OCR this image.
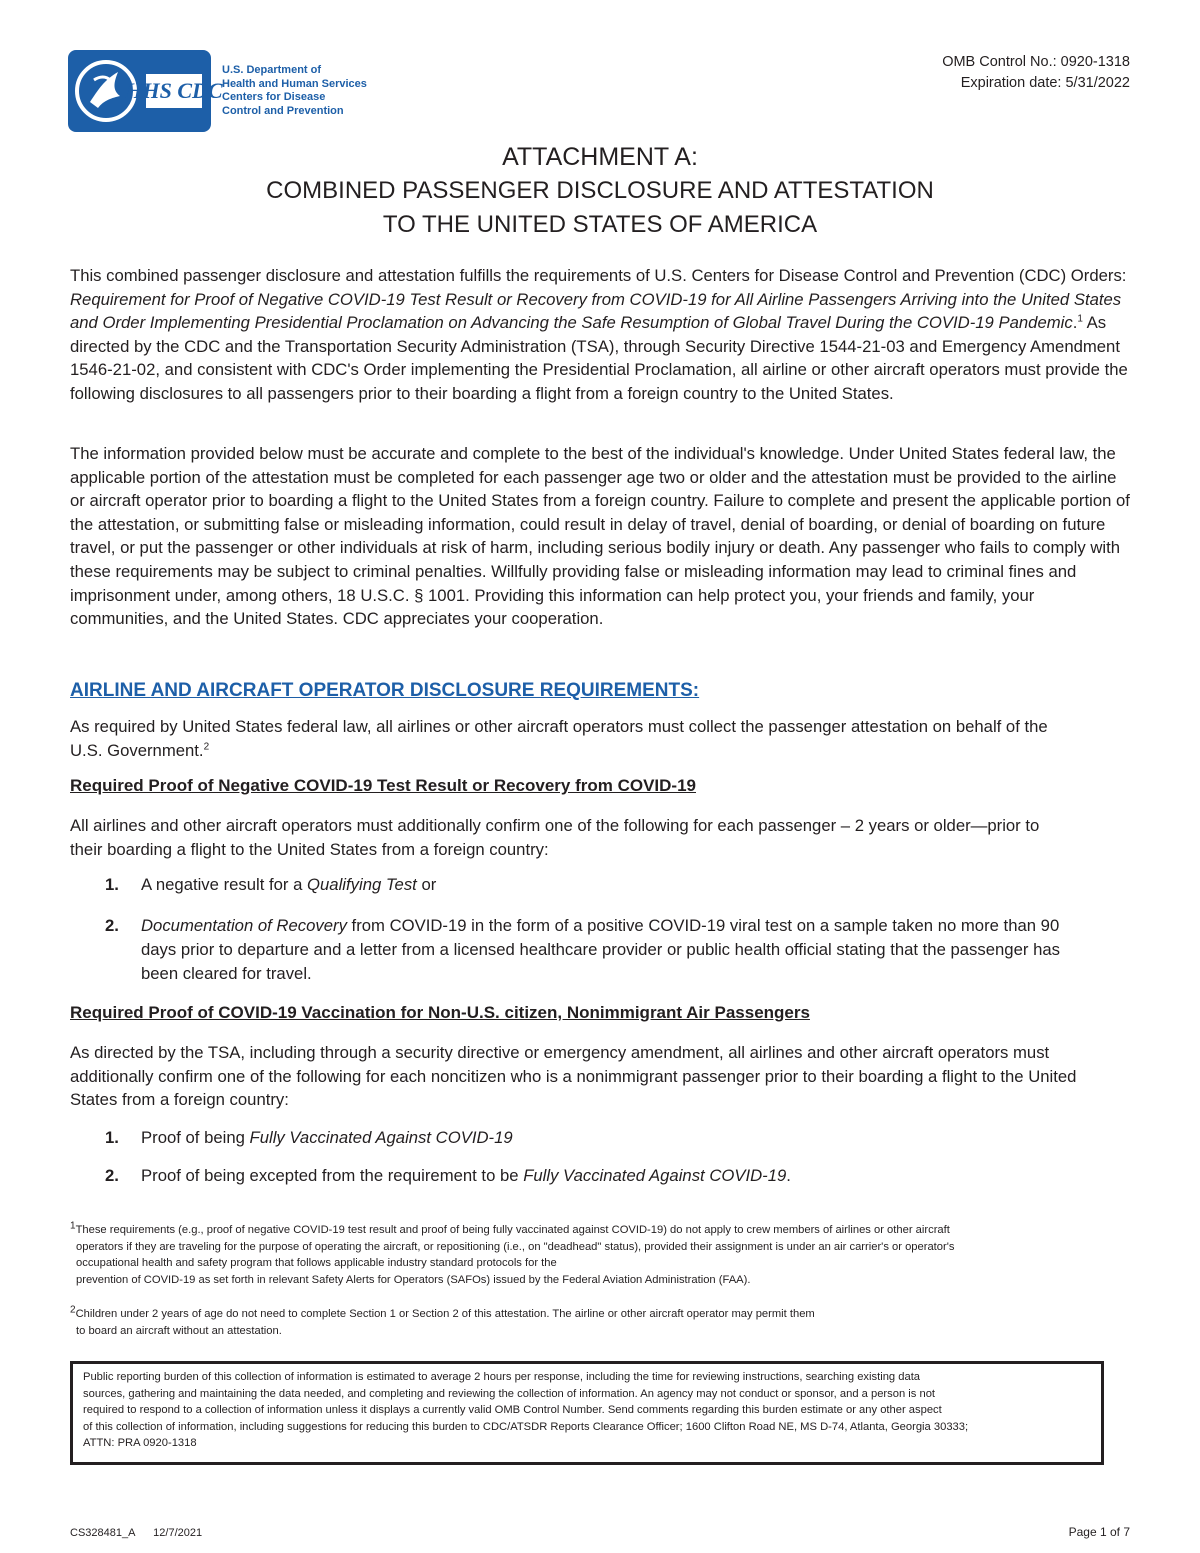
HHS CDC
U.S. Department of
Health and Human Services
Centers for Disease
Control and Prevention
OMB Control No.: 0920-1318
Expiration date: 5/31/2022
ATTACHMENT A:
COMBINED PASSENGER DISCLOSURE AND ATTESTATION
TO THE UNITED STATES OF AMERICA
This combined passenger disclosure and attestation fulfills the requirements of U.S. Centers for Disease Control and Prevention (CDC) Orders: Requirement for Proof of Negative COVID-19 Test Result or Recovery from COVID-19 for All Airline Passengers Arriving into the United States and Order Implementing Presidential Proclamation on Advancing the Safe Resumption of Global Travel During the COVID-19 Pandemic.$^1$ As directed by the CDC and the Transportation Security Administration (TSA), through Security Directive 1544-21-03 and Emergency Amendment 1546-21-02, and consistent with CDC's Order implementing the Presidential Proclamation, all airline or other aircraft operators must provide the following disclosures to all passengers prior to their boarding a flight from a foreign country to the United States.
The information provided below must be accurate and complete to the best of the individual's knowledge. Under United States federal law, the applicable portion of the attestation must be completed for each passenger age two or older and the attestation must be provided to the airline or aircraft operator prior to boarding a flight to the United States from a foreign country. Failure to complete and present the applicable portion of the attestation, or submitting false or misleading information, could result in delay of travel, denial of boarding, or denial of boarding on future travel, or put the passenger or other individuals at risk of harm, including serious bodily injury or death. Any passenger who fails to comply with these requirements may be subject to criminal penalties. Willfully providing false or misleading information may lead to criminal fines and imprisonment under, among others, 18 U.S.C. § 1001. Providing this information can help protect you, your friends and family, your communities, and the United States. CDC appreciates your cooperation.
AIRLINE AND AIRCRAFT OPERATOR DISCLOSURE REQUIREMENTS:
As required by United States federal law, all airlines or other aircraft operators must collect the passenger attestation on behalf of the U.S. Government.$^2$
Required Proof of Negative COVID-19 Test Result or Recovery from COVID-19
All airlines and other aircraft operators must additionally confirm one of the following for each passenger – 2 years or older—prior to their boarding a flight to the United States from a foreign country:
1. A negative result for a Qualifying Test or
2. Documentation of Recovery from COVID-19 in the form of a positive COVID-19 viral test on a sample taken no more than 90 days prior to departure and a letter from a licensed healthcare provider or public health official stating that the passenger has been cleared for travel.
Required Proof of COVID-19 Vaccination for Non-U.S. citizen, Nonimmigrant Air Passengers
As directed by the TSA, including through a security directive or emergency amendment, all airlines and other aircraft operators must additionally confirm one of the following for each noncitizen who is a nonimmigrant passenger prior to their boarding a flight to the United States from a foreign country:
1. Proof of being Fully Vaccinated Against COVID-19
2. Proof of being excepted from the requirement to be Fully Vaccinated Against COVID-19.
$^1$These requirements (e.g., proof of negative COVID-19 test result and proof of being fully vaccinated against COVID-19) do not apply to crew members of airlines or other aircraft
operators if they are traveling for the purpose of operating the aircraft, or repositioning (i.e., on "deadhead" status), provided their assignment is under an air carrier's or operator's
occupational health and safety program that follows applicable industry standard protocols for the
prevention of COVID-19 as set forth in relevant Safety Alerts for Operators (SAFOs) issued by the Federal Aviation Administration (FAA).
$^2$Children under 2 years of age do not need to complete Section 1 or Section 2 of this attestation. The airline or other aircraft operator may permit them
to board an aircraft without an attestation.
Public reporting burden of this collection of information is estimated to average 2 hours per response, including the time for reviewing instructions, searching existing data
sources, gathering and maintaining the data needed, and completing and reviewing the collection of information. An agency may not conduct or sponsor, and a person is not
required to respond to a collection of information unless it displays a currently valid OMB Control Number. Send comments regarding this burden estimate or any other aspect
of this collection of information, including suggestions for reducing this burden to CDC/ATSDR Reports Clearance Officer; 1600 Clifton Road NE, MS D-74, Atlanta, Georgia 30333;
ATTN: PRA 0920-1318
CS328481_A      12/7/2021	Page 1 of 7
